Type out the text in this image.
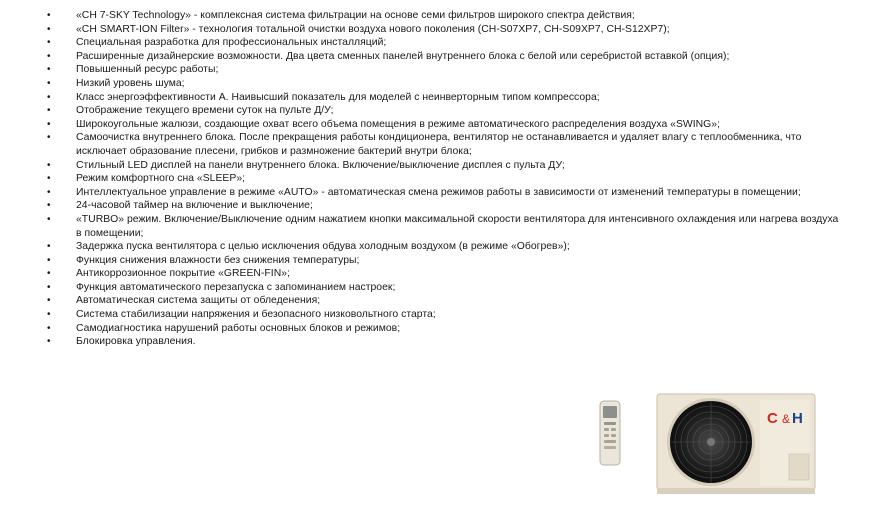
• «CH 7-SKY Technology» - комплексная система фильтрации на основе семи фильтров широкого спектра действия;
• «CH SMART-ION Filter» - технология тотальной очистки воздуха нового поколения (CH-S07XP7, CH-S09XP7, CH-S12XP7);
• Специальная разработка для профессиональных инсталляций;
• Расширенные дизайнерские возможности. Два цвета сменных панелей внутреннего блока с белой или серебристой вставкой (опция);
• Повышенный ресурс работы;
• Низкий уровень шума;
• Класс энергоэффективности А. Наивысший показатель для моделей с неинверторным типом компрессора;
• Отображение текущего времени суток на пульте Д/У;
• Широкоугольные жалюзи, создающие охват всего объема помещения в режиме автоматического распределения воздуха «SWING»;
• Самоочистка внутреннего блока. После прекращения работы кондиционера, вентилятор не останавливается и удаляет влагу с теплообменника, что исключает образование плесени, грибков и размножение бактерий внутри блока;
• Стильный LED дисплей на панели внутреннего блока. Включение/выключение дисплея с пульта ДУ;
• Режим комфортного сна «SLEEP»;
• Интеллектуальное управление в режиме «AUTO» - автоматическая смена режимов работы в зависимости от изменений температуры в помещении;
• 24-часовой таймер на включение и выключение;
• «TURBO» режим. Включение/Выключение одним нажатием кнопки максимальной скорости вентилятора для интенсивного охлаждения или нагрева воздуха в помещении;
• Задержка пуска вентилятора с целью исключения обдува холодным воздухом (в режиме «Обогрев»);
• Функция снижения влажности без снижения температуры;
• Антикоррозионное покрытие «GREEN-FIN»;
• Функция автоматического перезапуска с запоминанием настроек;
• Автоматическая система защиты от обледенения;
• Система стабилизации напряжения и безопасного низковольтного старта;
• Самодиагностика нарушений работы основных блоков и режимов;
• Блокировка управления.
C & H
